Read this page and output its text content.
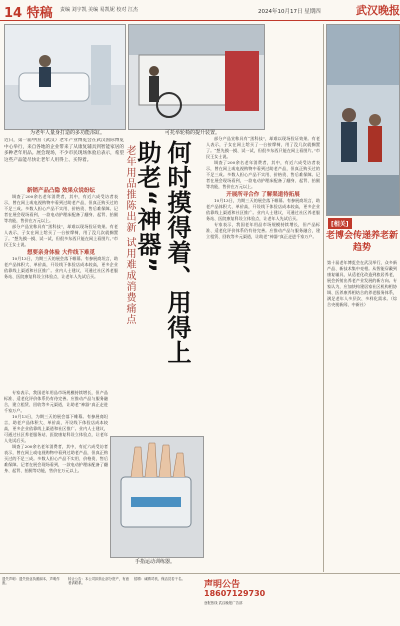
14 特稿 责编 刘宇凯 美编 易凯妮 校对 江杰	2024年10月17日 星期四	武汉晚报
为老年人量身打造的多功能浴缸。	可托举轮椅的提升装置。
近日，第一届中国（武汉）老年产业博览会在武汉国际博览中心举行，来自各地的企业带来了从康复辅具到智能家居的多种老年用品。展会现场，不少市民现场体验后表示，希望这些产品能尽快让老年人用得上、买得着。	何时摸得着、用得上助老“神器”
老年用品推陈出新 试用难成消费痛点

新销产品凸隐 效果众说纷纭

调查了200余名老年消费者，其中，有近六成受访者表示，曾在网上或电视购物中看到过助老产品，但真正购买过的不足三成。多数人担心产品不实用、价格贵、售后难保障。记者在展会现场看到，一款电动护理床配备了翻身、起背、抬腿等功能，售价在万元以上。

部分产品宣称具有“黑科技”，却难以现场验证效果。有老人表示，子女在网上给买了一台按摩椅，用了没几次就搁置了。“想先摸一摸、试一试，但很多东西只能在网上看图片。”市民王女士说。

想要亲身体验 大件线下难觅

10月13日，为期三天的展会落下帷幕。有参展商坦言，助老产品体积大、单价高，开设线下体验店成本较高，更多企业依靠线上渠道和社区推广。业内人士建议，可通过社区养老服务站、医院康复科设立体验点，让老年人先试后买。

部分产品宣称具有“黑科技”，却难以现场验证效果。有老人表示，子女在网上给买了一台按摩椅，用了没几次就搁置了。“想先摸一摸、试一试，但很多东西只能在网上看图片。”市民王女士说。

调查了200余名老年消费者，其中，有近六成受访者表示，曾在网上或电视购物中看到过助老产品，但真正购买过的不足三成。多数人担心产品不实用、价格贵、售后难保障。记者在展会现场看到，一款电动护理床配备了翻身、起背、抬腿等功能，售价在万元以上。

开展所寻合作 了解渠道待拓展

10月13日，为期三天的展会落下帷幕。有参展商坦言，助老产品体积大、单价高，开设线下体验店成本较高，更多企业依靠线上渠道和社区推广。业内人士建议，可通过社区养老服务站、医院康复科设立体验点，让老年人先试后买。

专家表示，我国老年用品市场规模持续增长，但产品标准、适老化评价体系仍有待完善。应推动产品与服务融合，建立租赁、回收等多元渠道，让助老“神器”真正走进千家万户。

手指运动训练器。

专家表示，我国老年用品市场规模持续增长，但产品标准、适老化评价体系仍有待完善。应推动产品与服务融合，建立租赁、回收等多元渠道，让助老“神器”真正走进千家万户。

10月13日，为期三天的展会落下帷幕。有参展商坦言，助老产品体积大、单价高，开设线下体验店成本较高，更多企业依靠线上渠道和社区推广。业内人士建议，可通过社区养老服务站、医院康复科设立体验点，让老年人先试后买。

调查了200余名老年消费者，其中，有近六成受访者表示，曾在网上或电视购物中看到过助老产品，但真正购买过的不足三成。多数人担心产品不实用、价格贵、售后难保障。记者在展会现场看到，一款电动护理床配备了翻身、起背、抬腿等功能，售价在万元以上。

[相关]
老博会传递养老新趋势
第十届老年博览会在武汉举行，众多新产品、新技术集中亮相。从智能穿戴到康复辅具，从适老化改造到旅居养老，展会折射出养老产业发展的新方向。专家认为，应加快构建居家社区机构相协调、医养康养相结合的养老服务体系，满足老年人多层次、多样化需求。（综合央视新闻、中新社）
遗失声明：遗失营业执照副本，声明作废。
转让公告：本公司拟转让部分资产，有意者请联系。
招聘：诚聘司机、保洁员若干名。
声明公告
18607129730
登报热线 武汉晚报广告部
